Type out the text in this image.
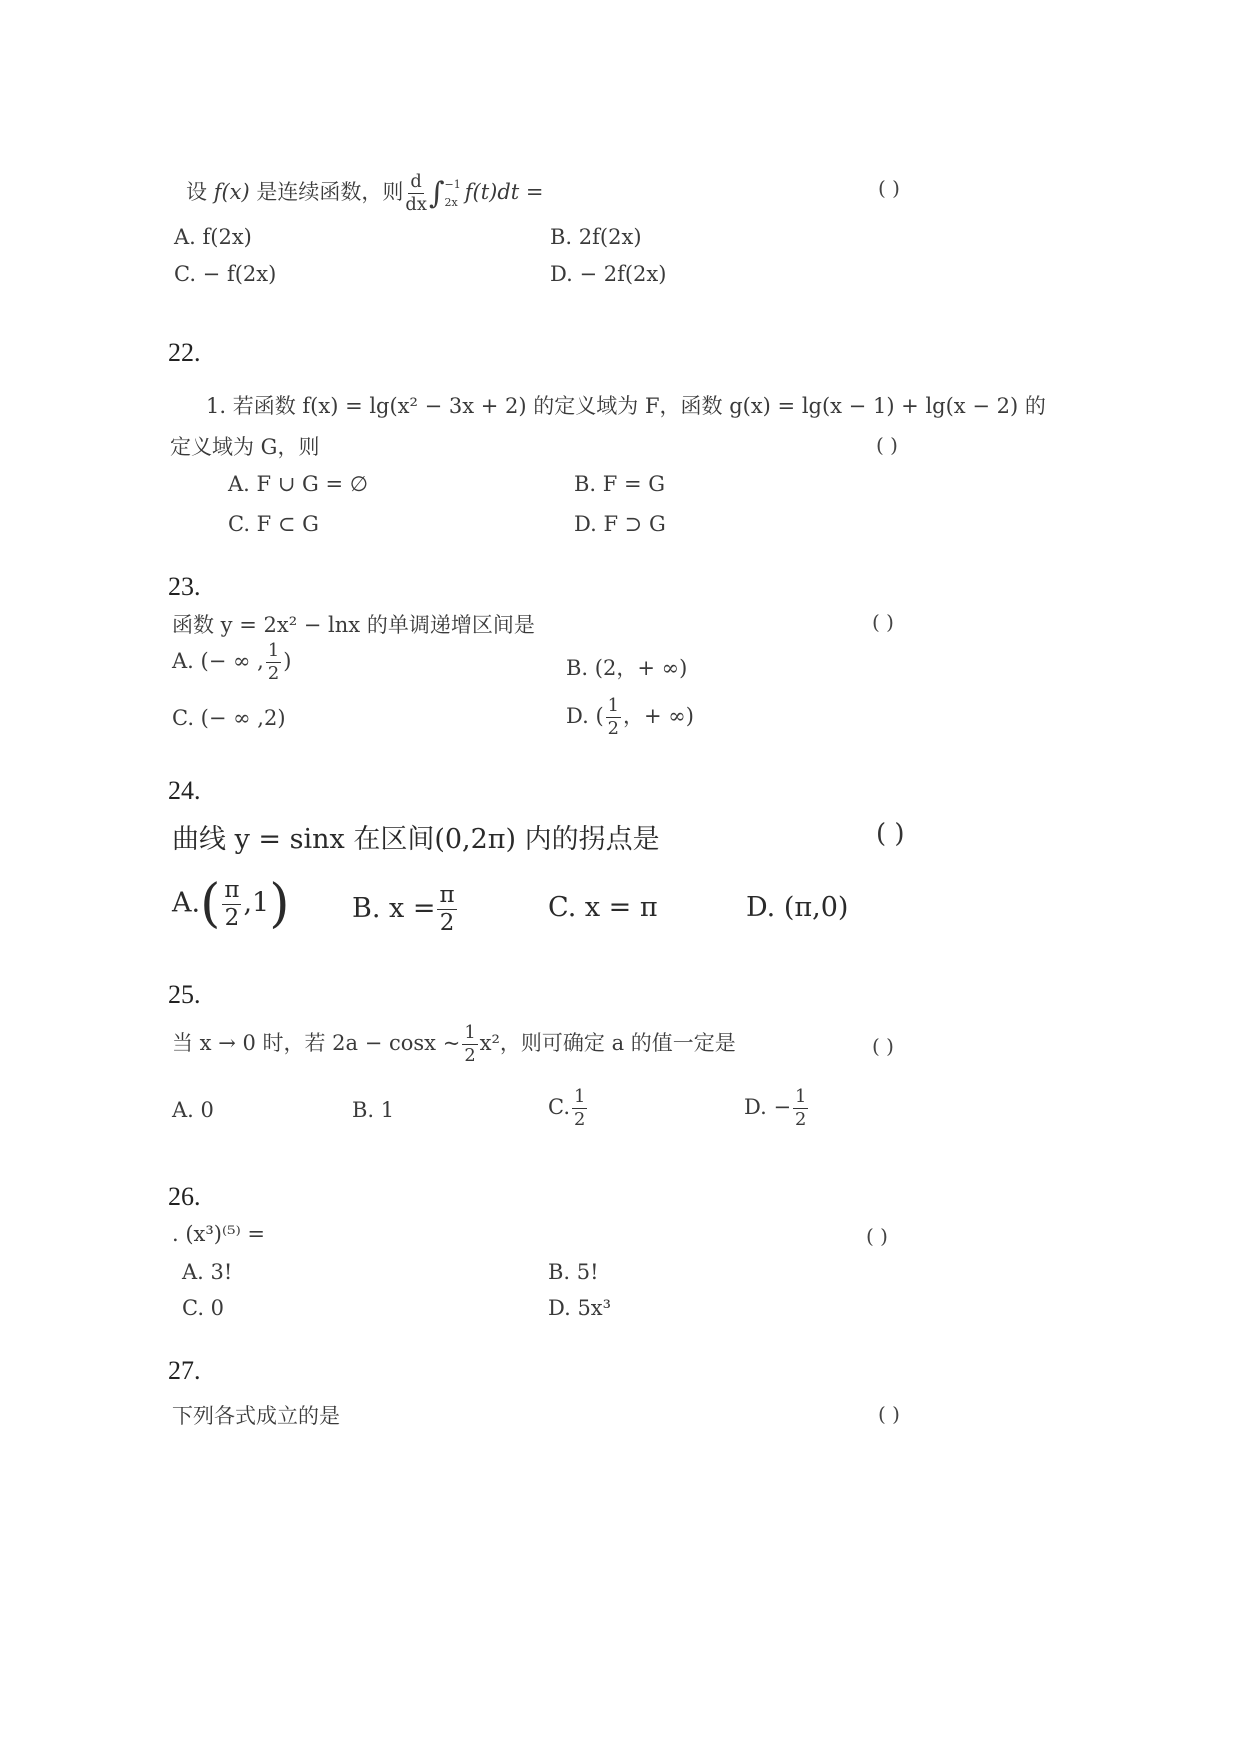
设 f(x) 是连续函数，则 $\frac{d}{dx}$ ∫ −1
2x f(t)dt =	( )
A. f(2x)	B. 2f(2x)
C. − f(2x)	D. − 2f(2x)
22.
1. 若函数 f(x) = lg(x² − 3x + 2) 的定义域为 F，函数 g(x) = lg(x − 1) + lg(x − 2) 的
定义域为 G，则	( )
A. F ∪ G = ∅	B. F = G
C. F ⊂ G	D. F ⊃ G
23.
函数 y = 2x² − lnx 的单调递增区间是	( )
A. (− ∞ , $\frac{1}{2}$ )	B. (2，+ ∞)
C. (− ∞ ,2)	D. ( $\frac{1}{2}$ ，+ ∞)
24.
曲线 y = sinx 在区间(0,2π) 内的拐点是	( )
$A.( \frac{\pi}{2} ,1)$ B. $x = \frac{\pi}{2}$	C. x = π	D. (π,0)
25.
当 x → 0 时，若 2a − cosx ~ $\frac{1}{2} x^2$，则可确定 a 的值一定是	( )
A. 0	B. 1	C. $\frac{1}{2}$	D. − $\frac{1}{2}$
26.
. (x³)⁽⁵⁾ =	( )
A. 3!	B. 5!
C. 0	D. 5x³
27.
下列各式成立的是	( )
